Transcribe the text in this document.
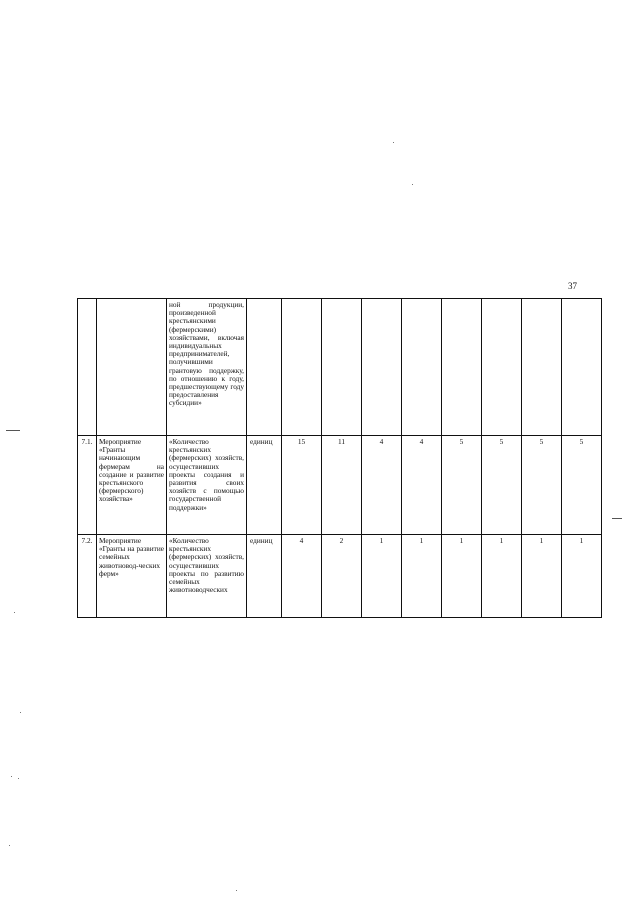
37
		ной продукции, произведенной крестьянскими (фермерскими) хозяйствами, включая индивидуальных предпринимателей, получившими грантовую поддержку, по отношению к году, предшествующему году предоставления субсидии»									
7.1.	Мероприятие «Гранты начинающим фермерам на создание и развитие крестьянского (фермерского) хозяйства»	«Количество крестьянских (фермерских) хозяйств, осуществивших проекты создания и развития своих хозяйств с помощью государственной поддержки»	единиц	15	11	4	4	5	5	5	5
7.2.	Мероприятие «Гранты на развитие семейных животновод-ческих ферм»	«Количество крестьянских (фермерских) хозяйств, осуществивших проекты по развитию семейных животноводческих	единиц	4	2	1	1	1	1	1	1
